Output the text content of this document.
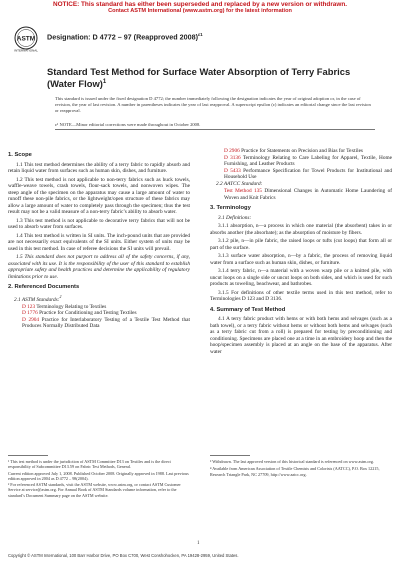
NOTICE: This standard has either been superseded and replaced by a new version or withdrawn.
Contact ASTM International (www.astm.org) for the latest information
ASTM
INTERNATIONAL
Designation: D 4772 – 97 (Reapproved 2008)$^{\varepsilon 1}$
Standard Test Method for Surface Water Absorption of Terry Fabrics (Water Flow)$^1$
This standard is issued under the fixed designation D 4772; the number immediately following the designation indicates the year of original adoption or, in the case of revision, the year of last revision. A number in parentheses indicates the year of last reapproval. A superscript epsilon (ε) indicates an editorial change since the last revision or reapproval.
ε¹ NOTE—Minor editorial corrections were made throughout in October 2008.
1. Scope

1.1 This test method determines the ability of a terry fabric to rapidly absorb and retain liquid water from surfaces such as human skin, dishes, and furniture.

1.2 This test method is not applicable to non-terry fabrics such as huck towels, waffle-weave towels, crash towels, flour-sack towels, and nonwoven wipes. The steep angle of the specimen on the apparatus may cause a large amount of water to runoff these non-pile fabrics, or the lightweight/open structure of these fabrics may allow a large amount of water to completely pass through the specimen; thus the test result may not be a valid measure of a non-terry fabric’s ability to absorb water.

1.3 This test method is not applicable to decorative terry fabrics that will not be used to absorb water from surfaces.

1.4 This test method is written in SI units. The inch-pound units that are provided are not necessarily exact equivalents of the SI units. Either system of units may be used in this test method. In case of referee decisions the SI units will prevail.

1.5 This standard does not purport to address all of the safety concerns, if any, associated with its use. It is the responsibility of the user of this standard to establish appropriate safety and health practices and determine the applicability of regulatory limitations prior to use.

2. Referenced Documents

2.1 ASTM Standards:$^2$

D 123 Terminology Relating to Textiles

D 1776 Practice for Conditioning and Testing Textiles

D 2904 Practice for Interlaboratory Testing of a Textile Test Method that Produces Normally Distributed Data

D 2906 Practice for Statements on Precision and Bias for Textiles

D 3136 Terminology Relating to Care Labeling for Apparel, Textile, Home Furnishing, and Leather Products

D 5433 Performance Specification for Towel Products for Institutional and Household Use

2.2 AATCC Standard:

Test Method 135 Dimensional Changes in Automatic Home Laundering of Woven and Knit Fabrics

3. Terminology

3.1 Definitions:

3.1.1 absorption, n—a process in which one material (the absorbent) takes in or absorbs another (the absorbate); as the absorption of moisture by fibers.

3.1.2 pile, n—in pile fabric, the raised loops or tufts (cut loops) that form all or part of the surface.

3.1.3 surface water absorption, n—by a fabric, the process of removing liquid water from a surface such as human skin, dishes, or furniture.

3.1.4 terry fabric, n—a material with a woven warp pile or a knitted pile, with uncut loops on a single side or uncut loops on both sides, and which is used for such products as toweling, beachwear, and bathrobes.

3.1.5 For definitions of other textile terms used in this test method, refer to Terminologies D 123 and D 3136.

4. Summary of Test Method

4.1 A terry fabric product with hems or with both hems and selvages (such as a bath towel), or a terry fabric without hems or without both hems and selvages (such as a terry fabric cut from a roll) is prepared for testing by preconditioning and conditioning. Specimens are placed one at a time in an embroidery hoop and then the hoop/specimen assembly is placed at an angle on the base of the apparatus. After water

¹ This test method is under the jurisdiction of ASTM Committee D13 on Textiles and is the direct responsibility of Subcommittee D13.59 on Fabric Test Methods, General.
Current edition approved July 1, 2008. Published October 2008. Originally approved in 1988. Last previous edition approved in 2004 as D 4772 – 98(2004).
² For referenced ASTM standards, visit the ASTM website, www.astm.org, or contact ASTM Customer Service at service@astm.org. For Annual Book of ASTM Standards volume information, refer to the standard’s Document Summary page on the ASTM website.
³ Withdrawn. The last approved version of this historical standard is referenced on www.astm.org.
⁴ Available from American Association of Textile Chemists and Colorists (AATCC), P.O. Box 12215, Research Triangle Park, NC 27709, http://www.aatcc.org.
1
Copyright © ASTM International, 100 Barr Harbor Drive, PO Box C700, West Conshohocken, PA 19428-2959, United States.
